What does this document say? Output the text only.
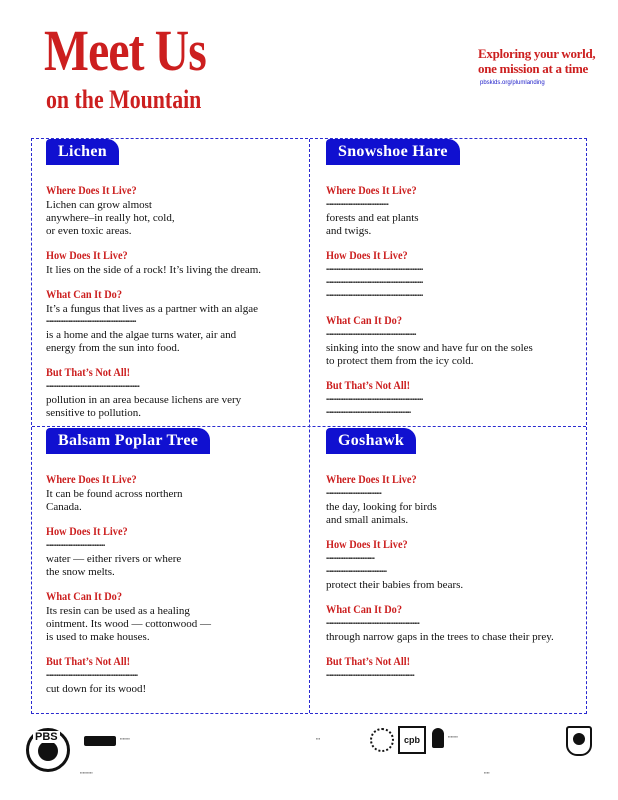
Meet Us
on the Mountain
Exploring your world,
one mission at a time
pbskids.org/plumlanding
Lichen
Where Does It Live?
Lichen can grow almost
anywhere–in really hot, cold,
or even toxic areas.
How Does It Live?
It lies on the side of a rock! It’s living the dream.
What Can It Do?
It’s a fungus that lives as a partner with an algae
▪▪▪▪▪▪▪▪▪▪▪▪▪▪▪▪▪▪▪▪▪▪▪▪▪▪▪▪▪▪▪▪▪▪▪▪▪▪▪▪▪▪▪▪▪▪▪▪▪▪▪▪
is a home and the algae turns water, air and
energy from the sun into food.
But That’s Not All!
▪▪▪▪▪▪▪▪▪▪▪▪▪▪▪▪▪▪▪▪▪▪▪▪▪▪▪▪▪▪▪▪▪▪▪▪▪▪▪▪▪▪▪▪▪▪▪▪▪▪▪▪▪▪
pollution in an area because lichens are very
sensitive to pollution.
Snowshoe Hare
Where Does It Live?
▪▪▪▪▪▪▪▪▪▪▪▪▪▪▪▪▪▪▪▪▪▪▪▪▪▪▪▪▪▪▪▪▪▪▪▪
forests and eat plants
and twigs.
How Does It Live?
▪▪▪▪▪▪▪▪▪▪▪▪▪▪▪▪▪▪▪▪▪▪▪▪▪▪▪▪▪▪▪▪▪▪▪▪▪▪▪▪▪▪▪▪▪▪▪▪▪▪▪▪▪▪▪▪
▪▪▪▪▪▪▪▪▪▪▪▪▪▪▪▪▪▪▪▪▪▪▪▪▪▪▪▪▪▪▪▪▪▪▪▪▪▪▪▪▪▪▪▪▪▪▪▪▪▪▪▪▪▪▪▪
▪▪▪▪▪▪▪▪▪▪▪▪▪▪▪▪▪▪▪▪▪▪▪▪▪▪▪▪▪▪▪▪▪▪▪▪▪▪▪▪▪▪▪▪▪▪▪▪▪▪▪▪▪▪▪▪
What Can It Do?
▪▪▪▪▪▪▪▪▪▪▪▪▪▪▪▪▪▪▪▪▪▪▪▪▪▪▪▪▪▪▪▪▪▪▪▪▪▪▪▪▪▪▪▪▪▪▪▪▪▪▪▪
sinking into the snow and have fur on the soles
to protect them from the icy cold.
But That’s Not All!
▪▪▪▪▪▪▪▪▪▪▪▪▪▪▪▪▪▪▪▪▪▪▪▪▪▪▪▪▪▪▪▪▪▪▪▪▪▪▪▪▪▪▪▪▪▪▪▪▪▪▪▪▪▪▪▪
▪▪▪▪▪▪▪▪▪▪▪▪▪▪▪▪▪▪▪▪▪▪▪▪▪▪▪▪▪▪▪▪▪▪▪▪▪▪▪▪▪▪▪▪▪▪▪▪▪
Balsam Poplar Tree
Where Does It Live?
It can be found across northern
Canada.
How Does It Live?
▪▪▪▪▪▪▪▪▪▪▪▪▪▪▪▪▪▪▪▪▪▪▪▪▪▪▪▪▪▪▪▪▪▪
water — either rivers or where
the snow melts.
What Can It Do?
Its resin can be used as a healing
ointment. Its wood — cottonwood —
is used to make houses.
But That’s Not All!
▪▪▪▪▪▪▪▪▪▪▪▪▪▪▪▪▪▪▪▪▪▪▪▪▪▪▪▪▪▪▪▪▪▪▪▪▪▪▪▪▪▪▪▪▪▪▪▪▪▪▪▪▪
cut down for its wood!
Goshawk
Where Does It Live?
▪▪▪▪▪▪▪▪▪▪▪▪▪▪▪▪▪▪▪▪▪▪▪▪▪▪▪▪▪▪▪▪
the day, looking for birds
and small animals.
How Does It Live?
▪▪▪▪▪▪▪▪▪▪▪▪▪▪▪▪▪▪▪▪▪▪▪▪▪▪▪▪
▪▪▪▪▪▪▪▪▪▪▪▪▪▪▪▪▪▪▪▪▪▪▪▪▪▪▪▪▪▪▪▪▪▪▪
protect their babies from bears.
What Can It Do?
▪▪▪▪▪▪▪▪▪▪▪▪▪▪▪▪▪▪▪▪▪▪▪▪▪▪▪▪▪▪▪▪▪▪▪▪▪▪▪▪▪▪▪▪▪▪▪▪▪▪▪▪▪▪
through narrow gaps in the trees to chase their prey.
But That’s Not All!
▪▪▪▪▪▪▪▪▪▪▪▪▪▪▪▪▪▪▪▪▪▪▪▪▪▪▪▪▪▪▪▪▪▪▪▪▪▪▪▪▪▪▪▪▪▪▪▪▪▪▪
PBS	▪▪▪▪▪▪▪
▪▪▪▪▪▪▪▪▪
▪▪▪	cpb	▪▪▪▪▪▪▪
▪▪▪▪
